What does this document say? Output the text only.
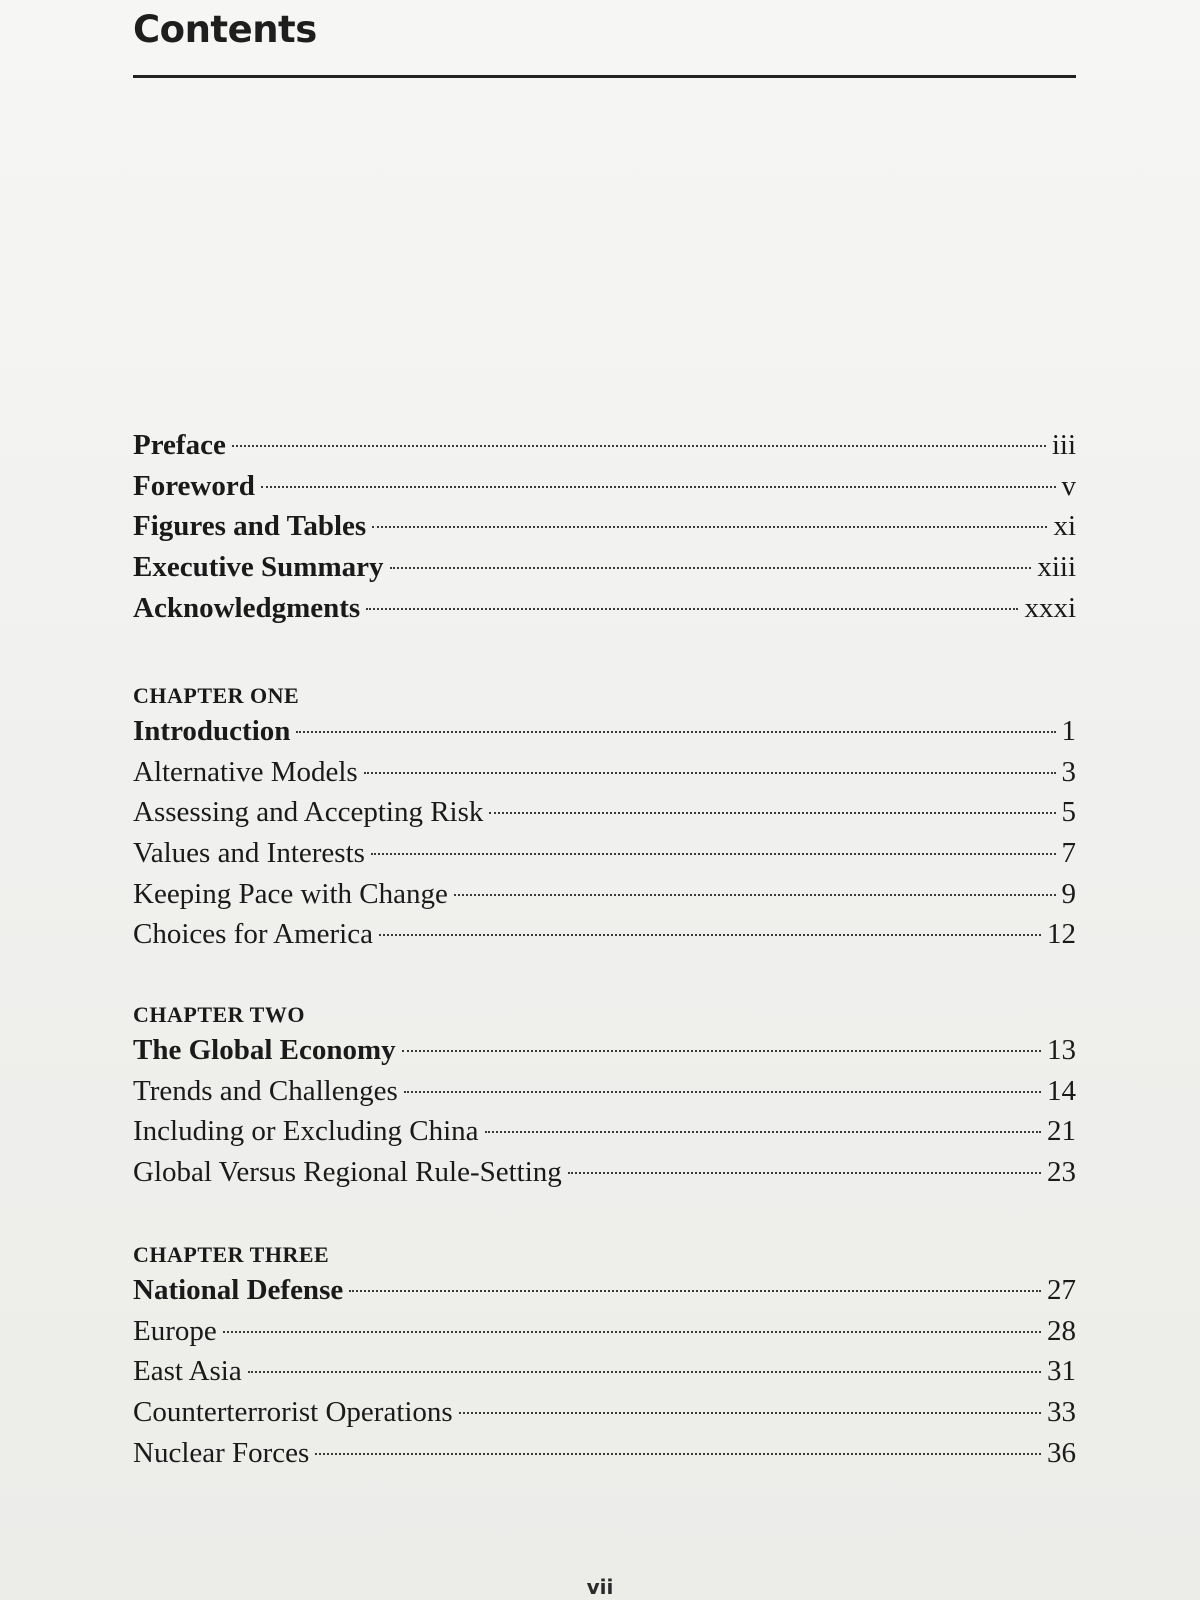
Contents
Preface	iii
Foreword	v
Figures and Tables	xi
Executive Summary	xiii
Acknowledgments	xxxi
CHAPTER ONE
Introduction	1
Alternative Models	3
Assessing and Accepting Risk	5
Values and Interests	7
Keeping Pace with Change	9
Choices for America	12
CHAPTER TWO
The Global Economy	13
Trends and Challenges	14
Including or Excluding China	21
Global Versus Regional Rule-Setting	23
CHAPTER THREE
National Defense	27
Europe	28
East Asia	31
Counterterrorist Operations	33
Nuclear Forces	36
vii
